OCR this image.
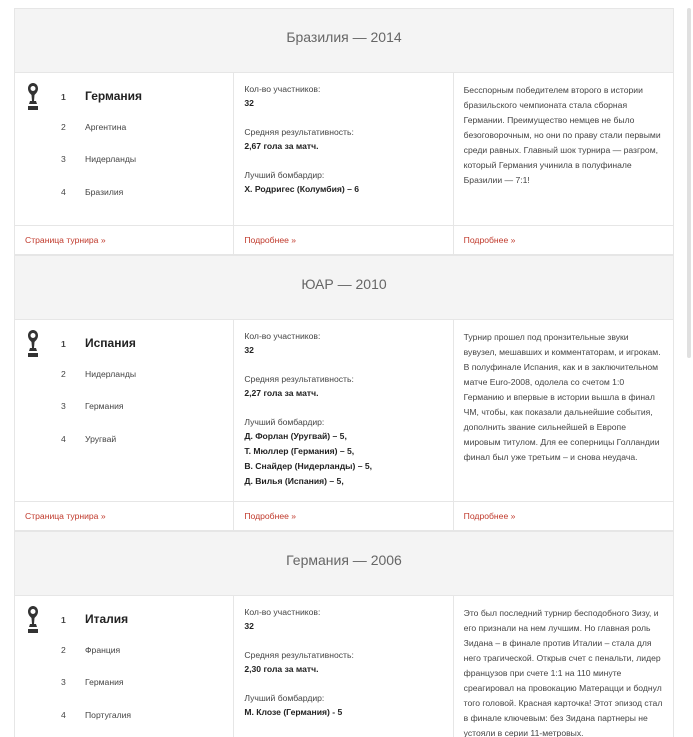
Бразилия — 2014
1	Германия
2	Аргентина
3	Нидерланды
4	Бразилия
Кол-во участников:
32
Средняя результативность:
2,67 гола за матч.
Лучший бомбардир:
Х. Родригес (Колумбия) – 6
Бесспорным победителем второго в истории бразильского чемпионата стала сборная Германии. Преимущество немцев не было безоговорочным, но они по праву стали первыми среди равных. Главный шок турнира — разгром, который Германия учинила в полуфинале Бразилии — 7:1!
Страница турнира »	Подробнее »	Подробнее »
ЮАР — 2010
1	Испания
2	Нидерланды
3	Германия
4	Уругвай
Кол-во участников:
32
Средняя результативность:
2,27 гола за матч.
Лучший бомбардир:
Д. Форлан (Уругвай) – 5,
Т. Мюллер (Германия) – 5,
В. Снайдер (Нидерланды) – 5,
Д. Вилья (Испания) – 5,
Турнир прошел под пронзительные звуки вувузел, мешавших и комментаторам, и игрокам. В полуфинале Испания, как и в заключительном матче Euro-2008, одолела со счетом 1:0 Германию и впервые в истории вышла в финал ЧМ, чтобы, как показали дальнейшие события, дополнить звание сильнейшей в Европе мировым титулом. Для ее соперницы Голландии финал был уже третьим – и снова неудача.
Страница турнира »	Подробнее »	Подробнее »
Германия — 2006
1	Италия
2	Франция
3	Германия
4	Португалия
Кол-во участников:
32
Средняя результативность:
2,30 гола за матч.
Лучший бомбардир:
М. Клозе (Германия) - 5
Это был последний турнир бесподобного Зизу, и его признали на нем лучшим. Но главная роль Зидана – в финале против Италии – стала для него трагической. Открыв счет с пенальти, лидер французов при счете 1:1 на 110 минуте среагировал на провокацию Матерацци и боднул того головой. Красная карточка! Этот эпизод стал в финале ключевым: без Зидана партнеры не устояли в серии 11-метровых.
